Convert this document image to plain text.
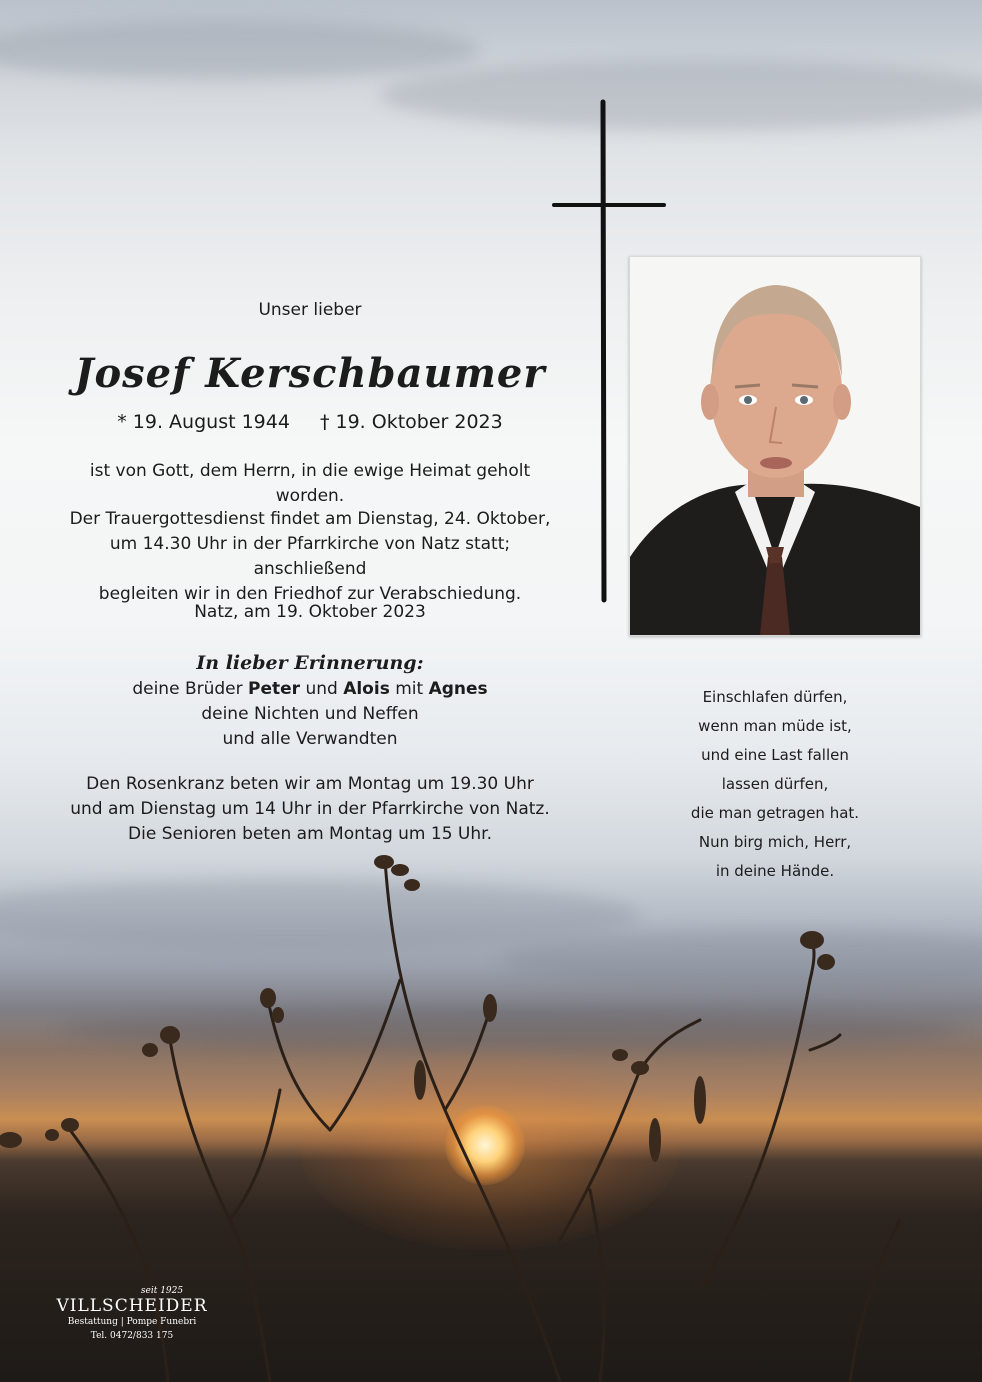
Unser lieber
Josef Kerschbaumer
* 19. August 1944 † 19. Oktober 2023
ist von Gott, dem Herrn, in die ewige Heimat geholt worden.
Der Trauergottesdienst findet am Dienstag, 24. Oktober,
um 14.30 Uhr in der Pfarrkirche von Natz statt; anschließend
begleiten wir in den Friedhof zur Verabschiedung.
Natz, am 19. Oktober 2023
In lieber Erinnerung:
deine Brüder Peter und Alois mit Agnes
deine Nichten und Neffen
und alle Verwandten
Den Rosenkranz beten wir am Montag um 19.30 Uhr
und am Dienstag um 14 Uhr in der Pfarrkirche von Natz.
Die Senioren beten am Montag um 15 Uhr.
Einschlafen dürfen,
wenn man müde ist,
und eine Last fallen
lassen dürfen,
die man getragen hat.
Nun birg mich, Herr,
in deine Hände.
seit 1925
VILLSCHEIDER
Bestattung | Pompe Funebri
Tel. 0472/833 175
